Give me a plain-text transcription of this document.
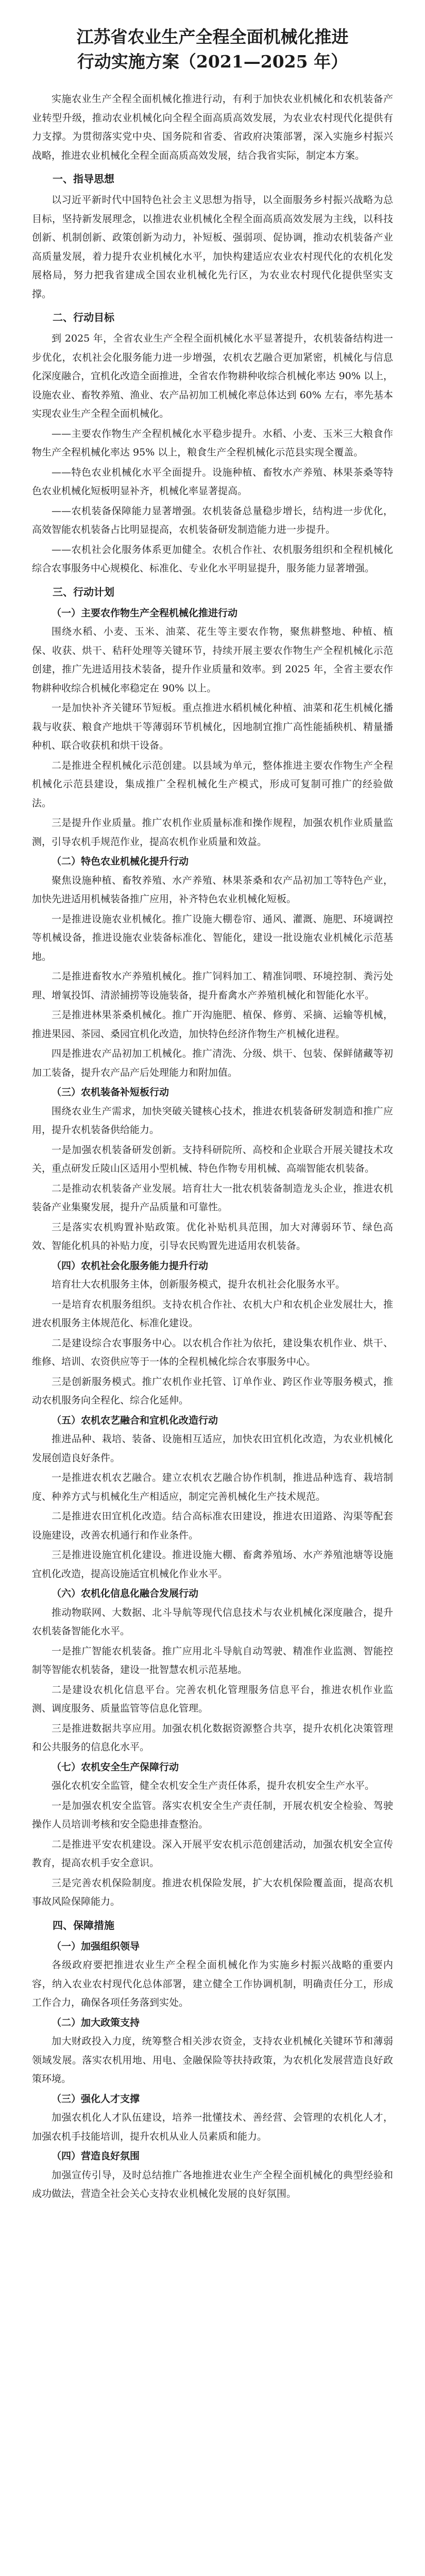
江苏省农业生产全程全面机械化推进
行动实施方案（2021—2025 年）

实施农业生产全程全面机械化推进行动，有利于加快农业机械化和农机装备产业转型升级，推动农业机械化向全程全面高质高效发展，为农业农村现代化提供有力支撑。为贯彻落实党中央、国务院和省委、省政府决策部署，深入实施乡村振兴战略，推进农业机械化全程全面高质高效发展，结合我省实际，制定本方案。

一、指导思想

以习近平新时代中国特色社会主义思想为指导，以全面服务乡村振兴战略为总目标，坚持新发展理念，以推进农业机械化全程全面高质高效发展为主线，以科技创新、机制创新、政策创新为动力，补短板、强弱项、促协调，推动农机装备产业高质量发展，着力提升农业机械化水平，加快构建适应农业农村现代化的农机化发展格局，努力把我省建成全国农业机械化先行区，为农业农村现代化提供坚实支撑。

二、行动目标

到 2025 年，全省农业生产全程全面机械化水平显著提升，农机装备结构进一步优化，农机社会化服务能力进一步增强，农机农艺融合更加紧密，机械化与信息化深度融合，宜机化改造全面推进，全省农作物耕种收综合机械化率达 90% 以上，设施农业、畜牧养殖、渔业、农产品初加工机械化率总体达到 60% 左右，率先基本实现农业生产全程全面机械化。

——主要农作物生产全程机械化水平稳步提升。水稻、小麦、玉米三大粮食作物生产全程机械化率达 95% 以上，粮食生产全程机械化示范县实现全覆盖。

——特色农业机械化水平全面提升。设施种植、畜牧水产养殖、林果茶桑等特色农业机械化短板明显补齐，机械化率显著提高。

——农机装备保障能力显著增强。农机装备总量稳步增长，结构进一步优化，高效智能农机装备占比明显提高，农机装备研发制造能力进一步提升。

——农机社会化服务体系更加健全。农机合作社、农机服务组织和全程机械化综合农事服务中心规模化、标准化、专业化水平明显提升，服务能力显著增强。

三、行动计划
（一）主要农作物生产全程机械化推进行动

围绕水稻、小麦、玉米、油菜、花生等主要农作物，聚焦耕整地、种植、植保、收获、烘干、秸秆处理等关键环节，持续开展主要农作物生产全程机械化示范创建，推广先进适用技术装备，提升作业质量和效率。到 2025 年，全省主要农作物耕种收综合机械化率稳定在 90% 以上。

一是加快补齐关键环节短板。重点推进水稻机械化种植、油菜和花生机械化播栽与收获、粮食产地烘干等薄弱环节机械化，因地制宜推广高性能插秧机、精量播种机、联合收获机和烘干设备。

二是推进全程机械化示范创建。以县域为单元，整体推进主要农作物生产全程机械化示范县建设，集成推广全程机械化生产模式，形成可复制可推广的经验做法。

三是提升作业质量。推广农机作业质量标准和操作规程，加强农机作业质量监测，引导农机手规范作业，提高农机作业质量和效益。

（二）特色农业机械化提升行动

聚焦设施种植、畜牧养殖、水产养殖、林果茶桑和农产品初加工等特色产业，加快先进适用机械装备推广应用，补齐特色农业机械化短板。

一是推进设施农业机械化。推广设施大棚卷帘、通风、灌溉、施肥、环境调控等机械设备，推进设施农业装备标准化、智能化，建设一批设施农业机械化示范基地。

二是推进畜牧水产养殖机械化。推广饲料加工、精准饲喂、环境控制、粪污处理、增氧投饵、清淤捕捞等设施装备，提升畜禽水产养殖机械化和智能化水平。

三是推进林果茶桑机械化。推广开沟施肥、植保、修剪、采摘、运输等机械，推进果园、茶园、桑园宜机化改造，加快特色经济作物生产机械化进程。

四是推进农产品初加工机械化。推广清洗、分级、烘干、包装、保鲜储藏等初加工装备，提升农产品产后处理能力和附加值。

（三）农机装备补短板行动

围绕农业生产需求，加快突破关键核心技术，推进农机装备研发制造和推广应用，提升农机装备供给能力。

一是加强农机装备研发创新。支持科研院所、高校和企业联合开展关键技术攻关，重点研发丘陵山区适用小型机械、特色作物专用机械、高端智能农机装备。

二是推动农机装备产业发展。培育壮大一批农机装备制造龙头企业，推进农机装备产业集聚发展，提升产品质量和可靠性。

三是落实农机购置补贴政策。优化补贴机具范围，加大对薄弱环节、绿色高效、智能化机具的补贴力度，引导农民购置先进适用农机装备。

（四）农机社会化服务能力提升行动

培育壮大农机服务主体，创新服务模式，提升农机社会化服务水平。

一是培育农机服务组织。支持农机合作社、农机大户和农机企业发展壮大，推进农机服务主体规范化、标准化建设。

二是建设综合农事服务中心。以农机合作社为依托，建设集农机作业、烘干、维修、培训、农资供应等于一体的全程机械化综合农事服务中心。

三是创新服务模式。推广农机作业托管、订单作业、跨区作业等服务模式，推动农机服务向全程化、综合化延伸。

（五）农机农艺融合和宜机化改造行动

推进品种、栽培、装备、设施相互适应，加快农田宜机化改造，为农业机械化发展创造良好条件。

一是推进农机农艺融合。建立农机农艺融合协作机制，推进品种选育、栽培制度、种养方式与机械化生产相适应，制定完善机械化生产技术规范。

二是推进农田宜机化改造。结合高标准农田建设，推进农田道路、沟渠等配套设施建设，改善农机通行和作业条件。

三是推进设施宜机化建设。推进设施大棚、畜禽养殖场、水产养殖池塘等设施宜机化改造，提高设施适宜机械化作业水平。

（六）农机化信息化融合发展行动

推动物联网、大数据、北斗导航等现代信息技术与农业机械化深度融合，提升农机装备智能化水平。

一是推广智能农机装备。推广应用北斗导航自动驾驶、精准作业监测、智能控制等智能农机装备，建设一批智慧农机示范基地。

二是建设农机化信息平台。完善农机化管理服务信息平台，推进农机作业监测、调度服务、质量监管等信息化管理。

三是推进数据共享应用。加强农机化数据资源整合共享，提升农机化决策管理和公共服务的信息化水平。

（七）农机安全生产保障行动

强化农机安全监管，健全农机安全生产责任体系，提升农机安全生产水平。

一是加强农机安全监管。落实农机安全生产责任制，开展农机安全检验、驾驶操作人员培训考核和安全隐患排查整治。

二是推进平安农机建设。深入开展平安农机示范创建活动，加强农机安全宣传教育，提高农机手安全意识。

三是完善农机保险制度。推进农机保险发展，扩大农机保险覆盖面，提高农机事故风险保障能力。

四、保障措施
（一）加强组织领导

各级政府要把推进农业生产全程全面机械化作为实施乡村振兴战略的重要内容，纳入农业农村现代化总体部署，建立健全工作协调机制，明确责任分工，形成工作合力，确保各项任务落到实处。

（二）加大政策支持

加大财政投入力度，统筹整合相关涉农资金，支持农业机械化关键环节和薄弱领域发展。落实农机用地、用电、金融保险等扶持政策，为农机化发展营造良好政策环境。

（三）强化人才支撑

加强农机化人才队伍建设，培养一批懂技术、善经营、会管理的农机化人才，加强农机手技能培训，提升农机从业人员素质和能力。

（四）营造良好氛围

加强宣传引导，及时总结推广各地推进农业生产全程全面机械化的典型经验和成功做法，营造全社会关心支持农业机械化发展的良好氛围。
